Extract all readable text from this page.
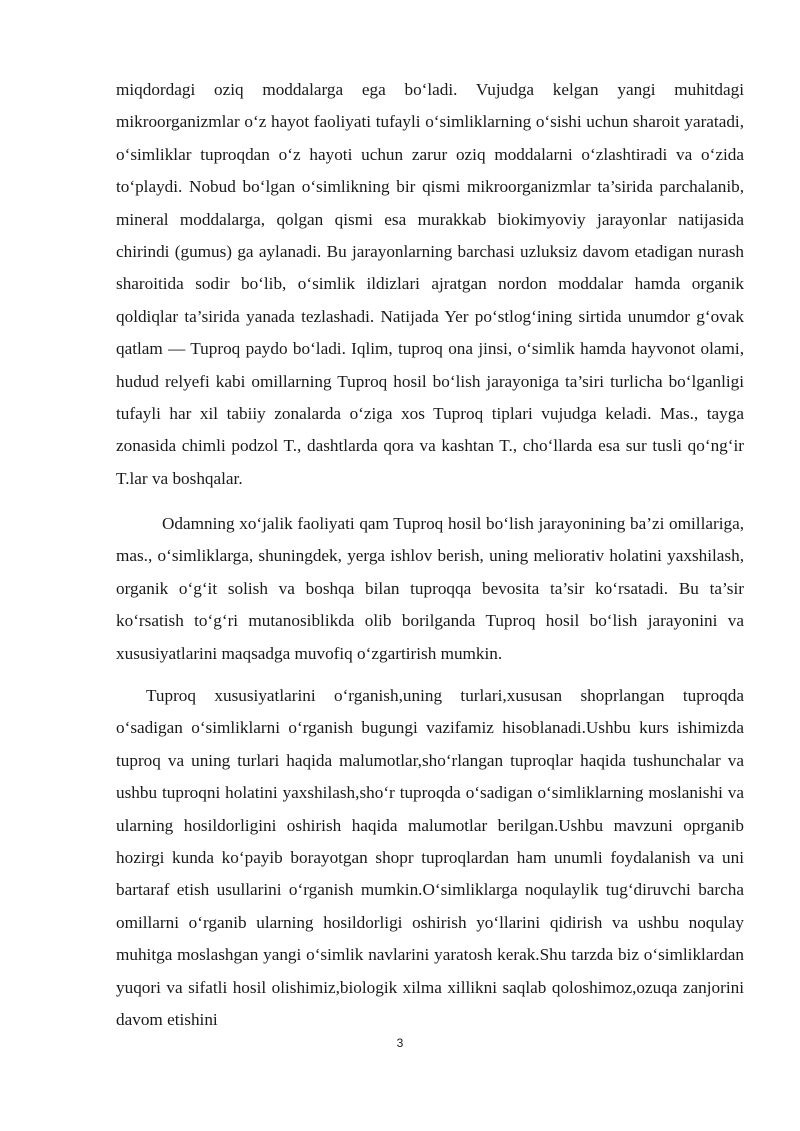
miqdordagi oziq moddalarga ega bo‘ladi. Vujudga kelgan yangi muhitdagi mikroorganizmlar o‘z hayot faoliyati tufayli o‘simliklarning o‘sishi uchun sharoit yaratadi, o‘simliklar tuproqdan o‘z hayoti uchun zarur oziq moddalarni o‘zlashtiradi va o‘zida to‘playdi. Nobud bo‘lgan o‘simlikning bir qismi mikroorganizmlar ta’sirida parchalanib, mineral moddalarga, qolgan qismi esa murakkab biokimyoviy jarayonlar natijasida chirindi (gumus) ga aylanadi. Bu jarayonlarning barchasi uzluksiz davom etadigan nurash sharoitida sodir bo‘lib, o‘simlik ildizlari ajratgan nordon moddalar hamda organik qoldiqlar ta’sirida yanada tezlashadi. Natijada Yer po‘stlog‘ining sirtida unumdor g‘ovak qatlam — Tuproq paydo bo‘ladi. Iqlim, tuproq ona jinsi, o‘simlik hamda hayvonot olami, hudud relyefi kabi omillarning Tuproq hosil bo‘lish jarayoniga ta’siri turlicha bo‘lganligi tufayli har xil tabiiy zonalarda o‘ziga xos Tuproq tiplari vujudga keladi. Mas., tayga zonasida chimli podzol T., dashtlarda qora va kashtan T., cho‘llarda esa sur tusli qo‘ng‘ir T.lar va boshqalar.

Odamning xo‘jalik faoliyati qam Tuproq hosil bo‘lish jarayonining ba’zi omillariga, mas., o‘simliklarga, shuningdek, yerga ishlov berish, uning meliorativ holatini yaxshilash, organik o‘g‘it solish va boshqa bilan tuproqqa bevosita ta’sir ko‘rsatadi. Bu ta’sir ko‘rsatish to‘g‘ri mutanosiblikda olib borilganda Tuproq hosil bo‘lish jarayonini va xususiyatlarini maqsadga muvofiq o‘zgartirish mumkin.

Tuproq xususiyatlarini o‘rganish,uning turlari,xususan shoprlangan tuproqda o‘sadigan o‘simliklarni o‘rganish bugungi vazifamiz hisoblanadi.Ushbu kurs ishimizda tuproq va uning turlari haqida malumotlar,sho‘rlangan tuproqlar haqida tushunchalar va ushbu tuproqni holatini yaxshilash,sho‘r tuproqda o‘sadigan o‘simliklarning moslanishi va ularning hosildorligini oshirish haqida malumotlar berilgan.Ushbu mavzuni oprganib hozirgi kunda ko‘payib borayotgan shopr tuproqlardan ham unumli foydalanish va uni bartaraf etish usullarini o‘rganish mumkin.O‘simliklarga noqulaylik tug‘diruvchi barcha omillarni o‘rganib ularning hosildorligi oshirish yo‘llarini qidirish va ushbu noqulay muhitga moslashgan yangi o‘simlik navlarini yaratosh kerak.Shu tarzda biz o‘simliklardan yuqori va sifatli hosil olishimiz,biologik xilma xillikni saqlab qoloshimoz,ozuqa zanjorini davom etishini

3
